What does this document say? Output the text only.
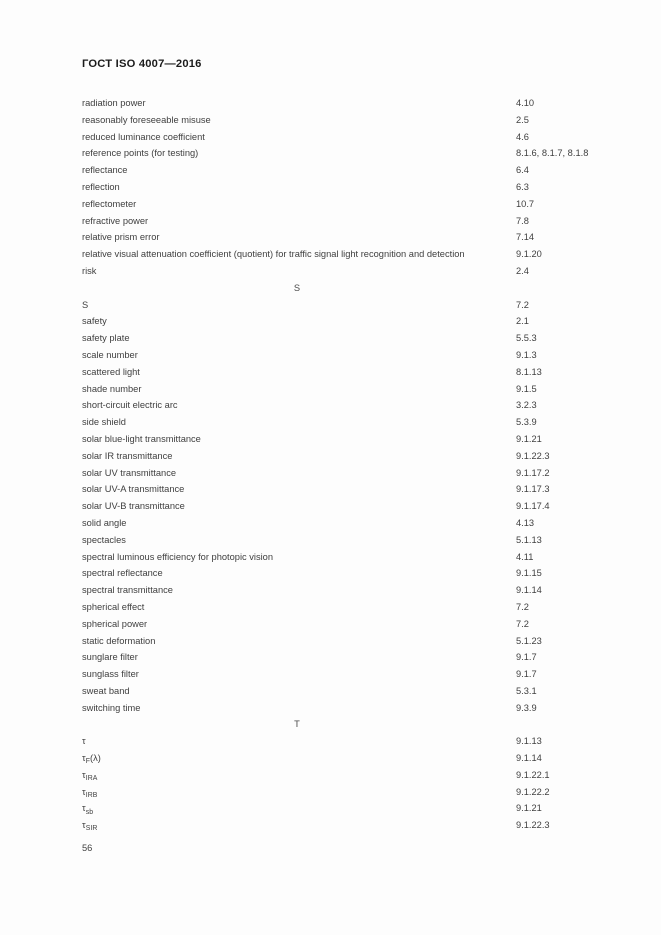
ГОСТ ISO 4007—2016
radiation power	4.10
reasonably foreseeable misuse	2.5
reduced luminance coefficient	4.6
reference points (for testing)	8.1.6, 8.1.7, 8.1.8
reflectance	6.4
reflection	6.3
reflectometer	10.7
refractive power	7.8
relative prism error	7.14
relative visual attenuation coefficient (quotient) for traffic signal light recognition and detection	9.1.20
risk	2.4
S
S	7.2
safety	2.1
safety plate	5.5.3
scale number	9.1.3
scattered light	8.1.13
shade number	9.1.5
short-circuit electric arc	3.2.3
side shield	5.3.9
solar blue-light transmittance	9.1.21
solar IR transmittance	9.1.22.3
solar UV transmittance	9.1.17.2
solar UV-A transmittance	9.1.17.3
solar UV-B transmittance	9.1.17.4
solid angle	4.13
spectacles	5.1.13
spectral luminous efficiency for photopic vision	4.11
spectral reflectance	9.1.15
spectral transmittance	9.1.14
spherical effect	7.2
spherical power	7.2
static deformation	5.1.23
sunglare filter	9.1.7
sunglass filter	9.1.7
sweat band	5.3.1
switching time	9.3.9
T
τ	9.1.13
$\tau_F(\lambda)$	9.1.14
$\tau_{IRA}$	9.1.22.1
$\tau_{IRB}$	9.1.22.2
$\tau_{sb}$	9.1.21
$\tau_{SIR}$	9.1.22.3
56
